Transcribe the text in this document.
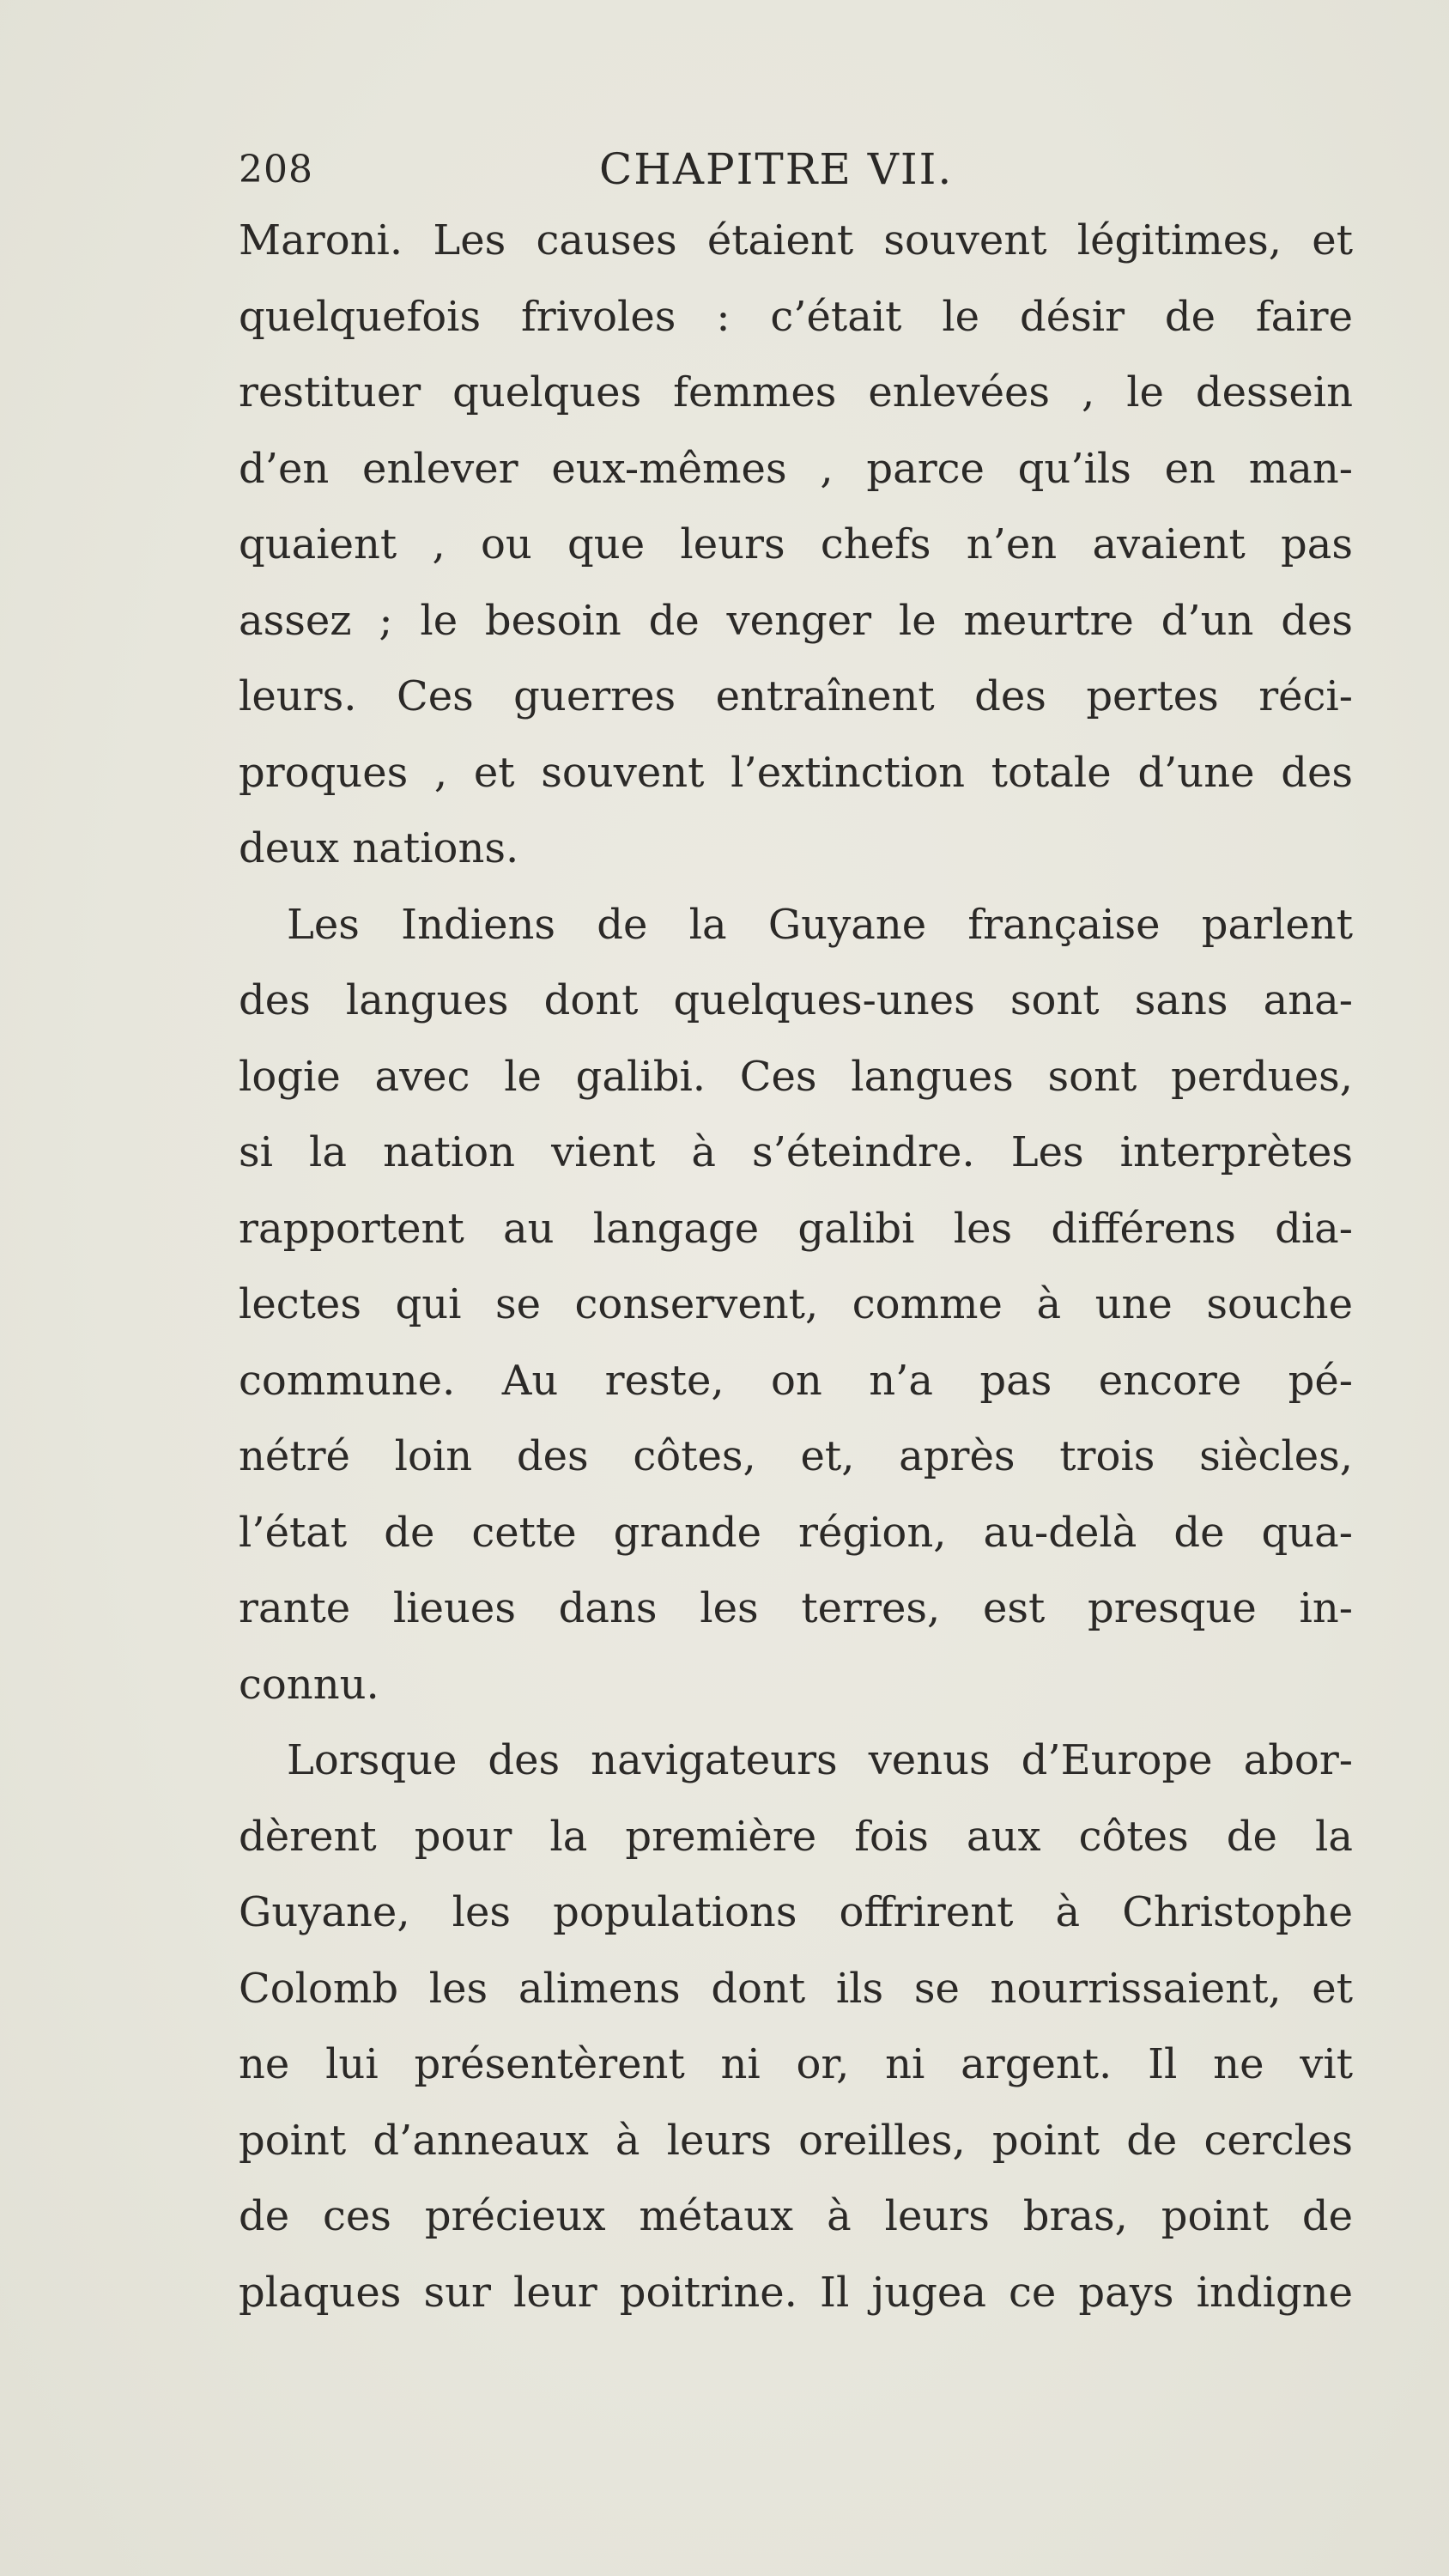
208	CHAPITRE VII.
Maroni. Les causes étaient souvent légitimes, et
quelquefois frivoles : c’était le désir de faire
restituer quelques femmes enlevées , le dessein
d’en enlever eux-mêmes , parce qu’ils en man-
quaient , ou que leurs chefs n’en avaient pas
assez ; le besoin de venger le meurtre d’un des
leurs. Ces guerres entraînent des pertes réci-
proques , et souvent l’extinction totale d’une des
deux nations.
Les Indiens de la Guyane française parlent
des langues dont quelques-unes sont sans ana-
logie avec le galibi. Ces langues sont perdues,
si la nation vient à s’éteindre. Les interprètes
rapportent au langage galibi les différens dia-
lectes qui se conservent, comme à une souche
commune. Au reste, on n’a pas encore pé-
nétré loin des côtes, et, après trois siècles,
l’état de cette grande région, au-delà de qua-
rante lieues dans les terres, est presque in-
connu.
Lorsque des navigateurs venus d’Europe abor-
dèrent pour la première fois aux côtes de la
Guyane, les populations offrirent à Christophe
Colomb les alimens dont ils se nourrissaient, et
ne lui présentèrent ni or, ni argent. Il ne vit
point d’anneaux à leurs oreilles, point de cercles
de ces précieux métaux à leurs bras, point de
plaques sur leur poitrine. Il jugea ce pays indigne
